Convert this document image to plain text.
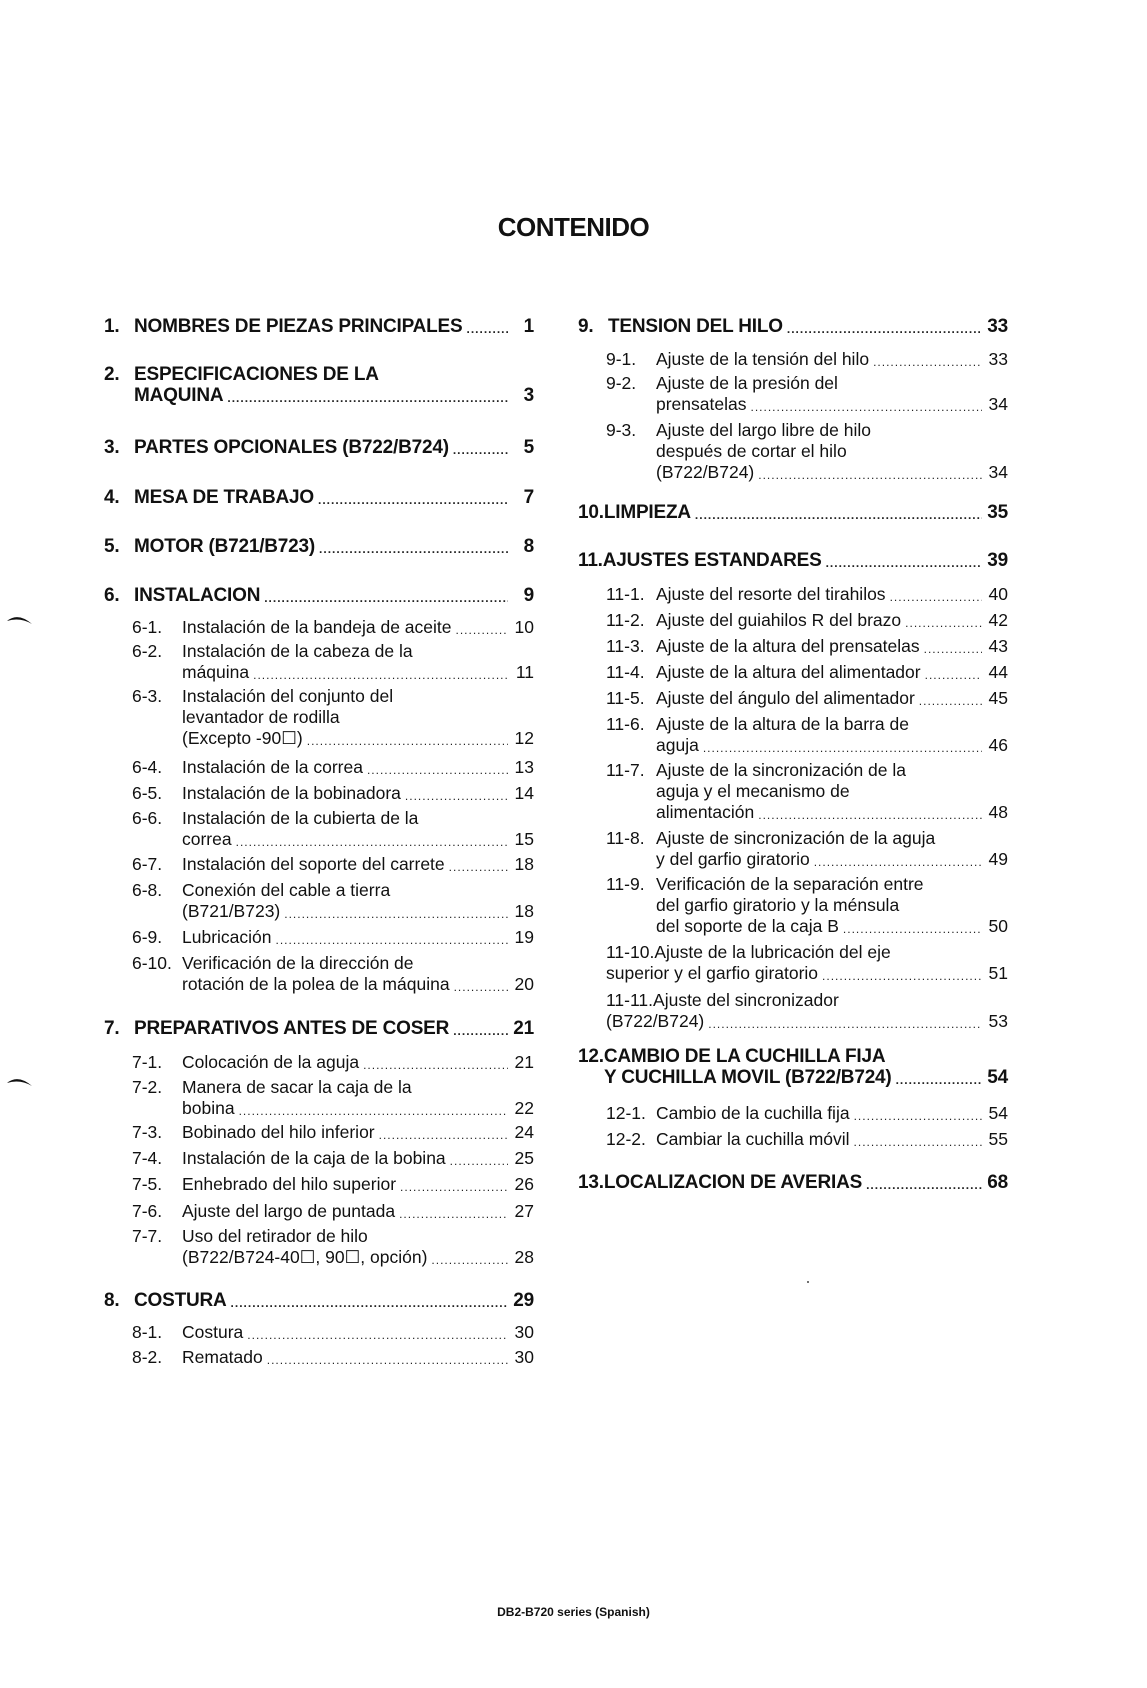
CONTENIDO
1. NOMBRES DE PIEZAS PRINCIPALES .....	1
2. ESPECIFICACIONES DE LA
MAQUINA .....	3
3. PARTES OPCIONALES (B722/B724) .....	5
4. MESA DE TRABAJO .....	7
5. MOTOR (B721/B723) .....	8
6. INSTALACION .....	9
6-1. Instalación de la bandeja de aceite .....	10
6-2. Instalación de la cabeza de la
máquina .....	11
6-3. Instalación del conjunto del
levantador de rodilla
(Excepto -90☐) .....	12
6-4. Instalación de la correa .....	13
6-5. Instalación de la bobinadora .....	14
6-6. Instalación de la cubierta de la
correa .....	15
6-7. Instalación del soporte del carrete .....	18
6-8. Conexión del cable a tierra
(B721/B723) .....	18
6-9. Lubricación .....	19
6-10. Verificación de la dirección de
rotación de la polea de la máquina .....	20
7. PREPARATIVOS ANTES DE COSER .....	21
7-1. Colocación de la aguja .....	21
7-2. Manera de sacar la caja de la
bobina .....	22
7-3. Bobinado del hilo inferior .....	24
7-4. Instalación de la caja de la bobina .....	25
7-5. Enhebrado del hilo superior .....	26
7-6. Ajuste del largo de puntada .....	27
7-7. Uso del retirador de hilo
(B722/B724-40☐, 90☐, opción) .....	28
8. COSTURA .....	29
8-1. Costura .....	30
8-2. Rematado .....	30
9. TENSION DEL HILO .....	33
9-1. Ajuste de la tensión del hilo .....	33
9-2. Ajuste de la presión del
prensatelas .....	34
9-3. Ajuste del largo libre de hilo
después de cortar el hilo
(B722/B724) .....	34
10.LIMPIEZA .....	35
11.AJUSTES ESTANDARES .....	39
11-1. Ajuste del resorte del tirahilos .....	40
11-2. Ajuste del guiahilos R del brazo .....	42
11-3. Ajuste de la altura del prensatelas .....	43
11-4. Ajuste de la altura del alimentador .....	44
11-5. Ajuste del ángulo del alimentador .....	45
11-6. Ajuste de la altura de la barra de
aguja .....	46
11-7. Ajuste de la sincronización de la
aguja y el mecanismo de
alimentación .....	48
11-8. Ajuste de sincronización de la aguja
y del garfio giratorio .....	49
11-9. Verificación de la separación entre
del garfio giratorio y la ménsula
del soporte de la caja B .....	50
11-10.Ajuste de la lubricación del eje
superior y el garfio giratorio .....	51
11-11.Ajuste del sincronizador
(B722/B724) .....	53
12.CAMBIO DE LA CUCHILLA FIJA
Y CUCHILLA MOVIL (B722/B724) .....	54
12-1. Cambio de la cuchilla fija .....	54
12-2. Cambiar la cuchilla móvil .....	55
13.LOCALIZACION DE AVERIAS .....	68
DB2-B720 series (Spanish)
